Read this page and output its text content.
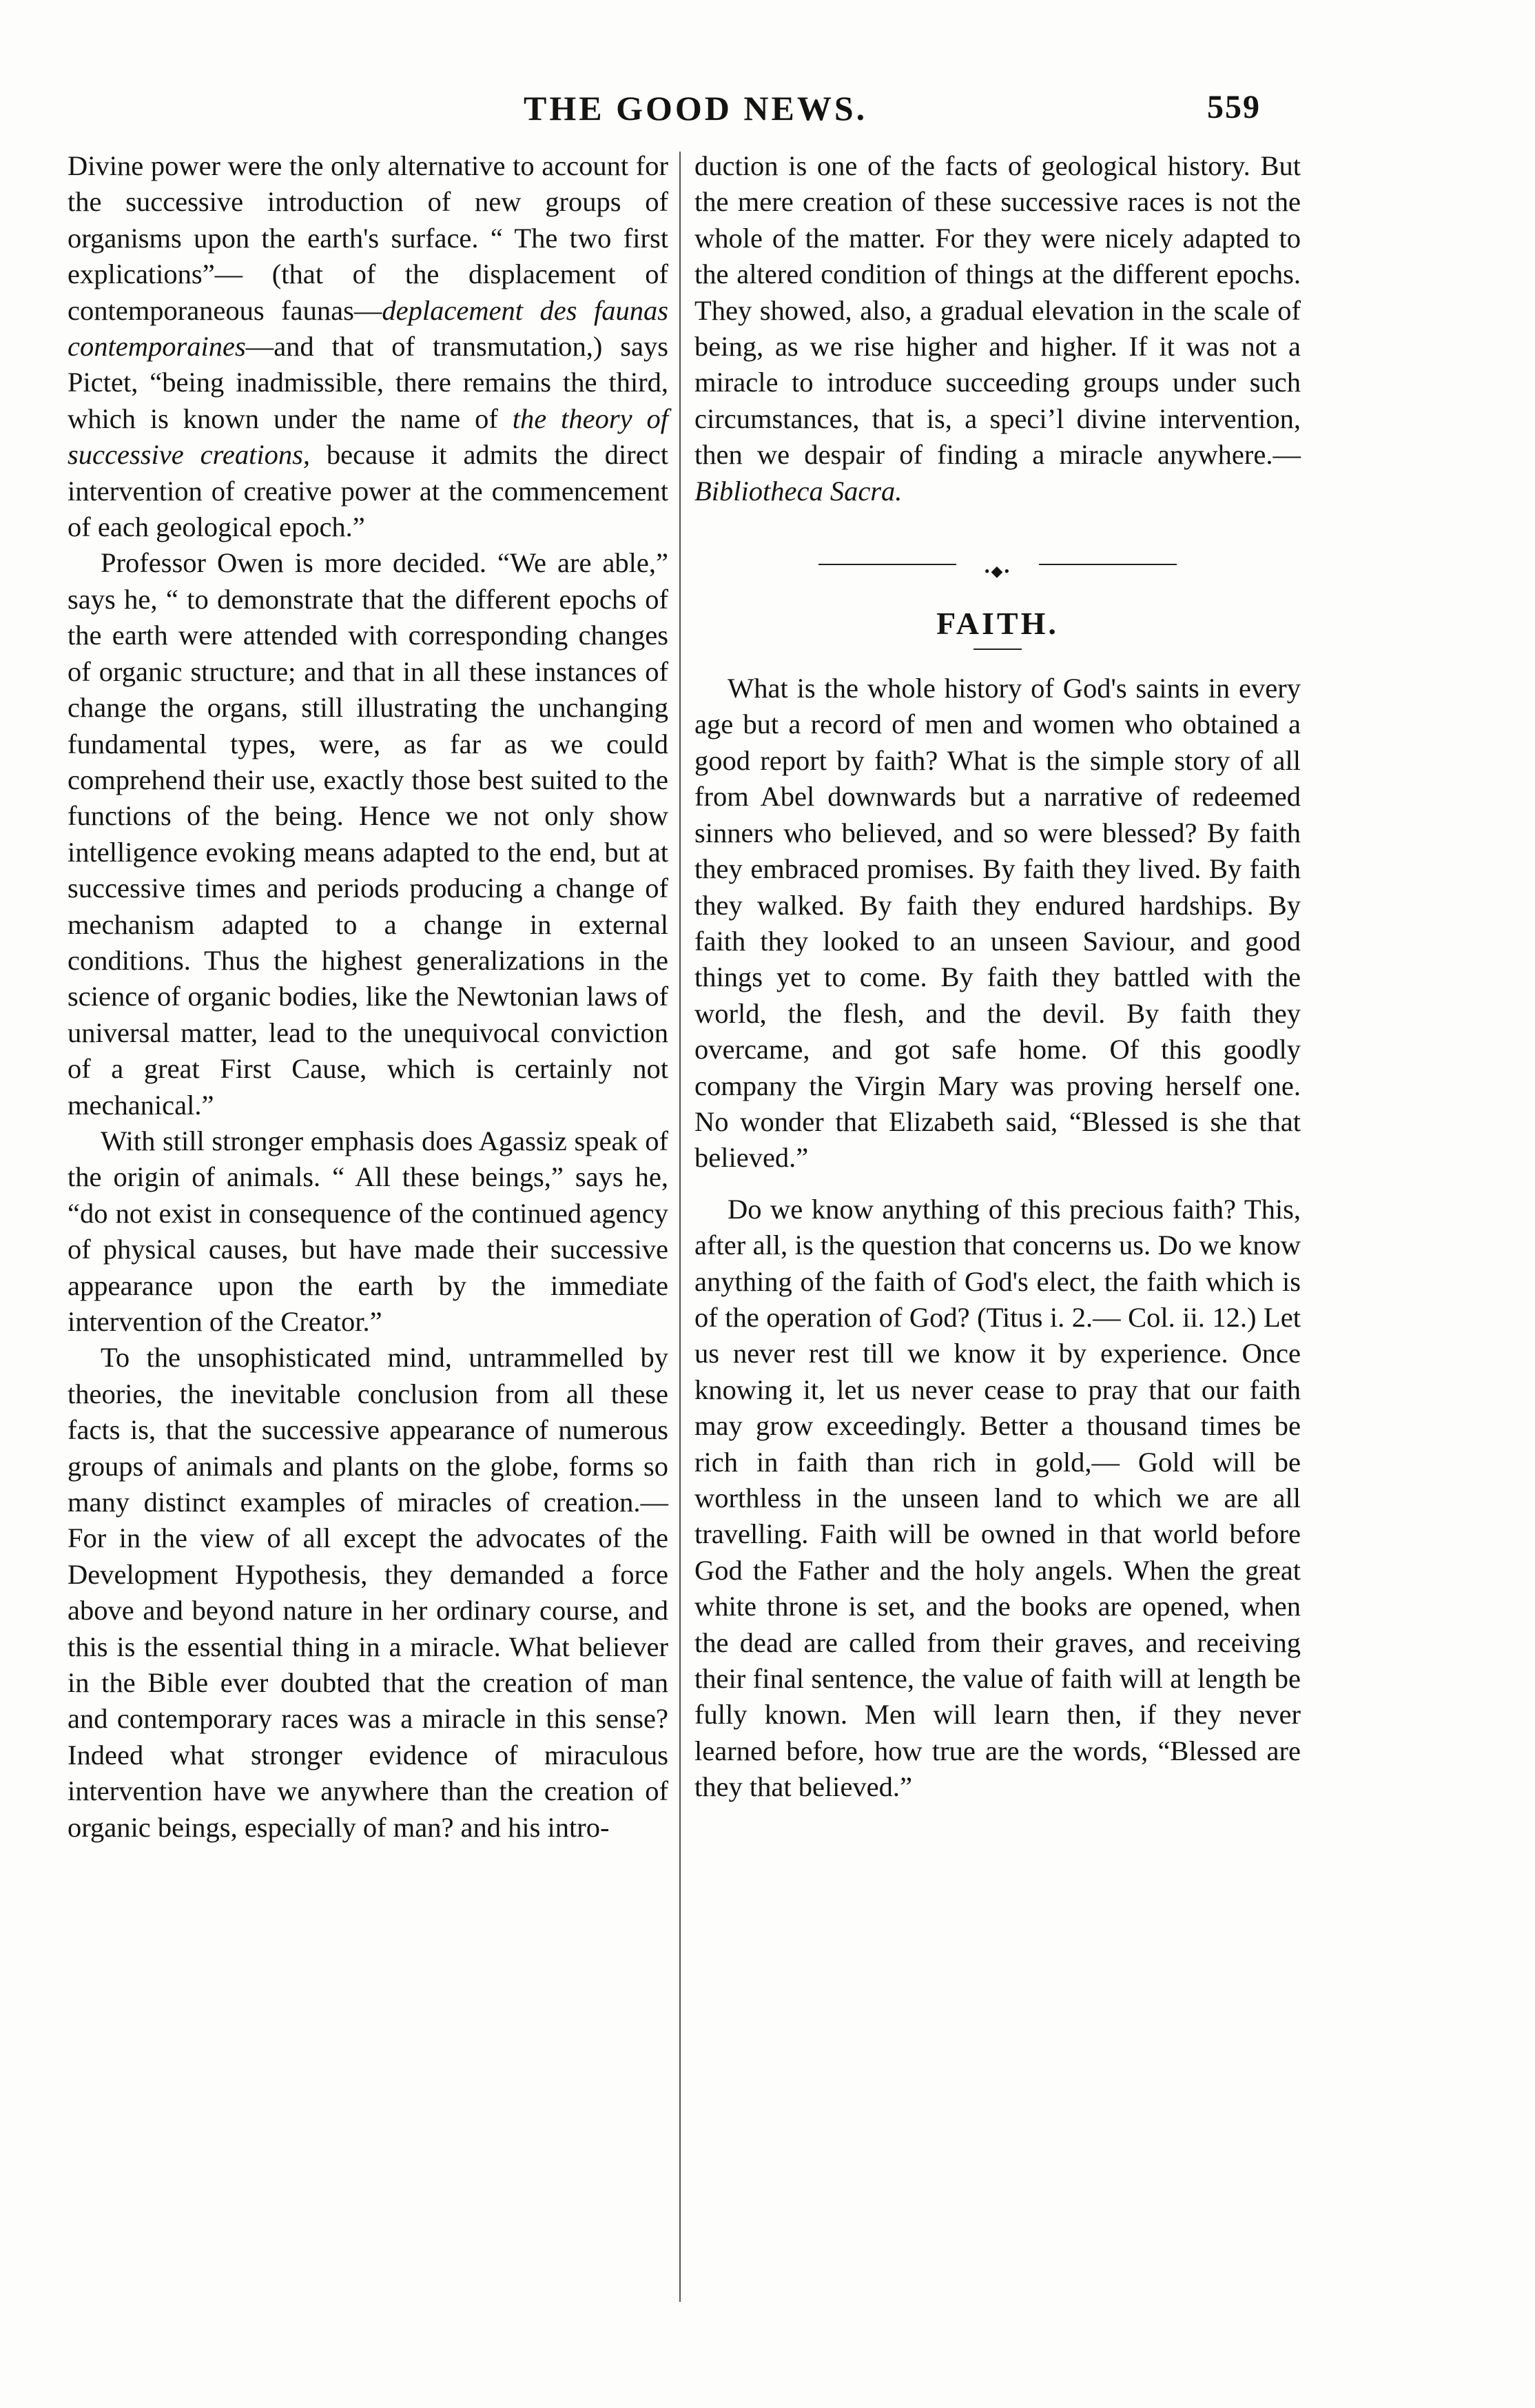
THE GOOD NEWS.	559

Divine power were the only alternative to account for the successive introduction of new groups of organisms upon the earth's surface. “ The two first explications”— (that of the displacement of contemporaneous faunas—deplacement des faunas contemporaines—and that of transmutation,) says Pictet, “being inadmissible, there remains the third, which is known under the name of the theory of successive creations, because it admits the direct intervention of creative power at the commencement of each geological epoch.”

Professor Owen is more decided. “We are able,” says he, “ to demonstrate that the different epochs of the earth were attended with corresponding changes of organic structure; and that in all these instances of change the organs, still illustrating the unchanging fundamental types, were, as far as we could comprehend their use, exactly those best suited to the functions of the being. Hence we not only show intelligence evoking means adapted to the end, but at successive times and periods producing a change of mechanism adapted to a change in external conditions. Thus the highest generalizations in the science of organic bodies, like the Newtonian laws of universal matter, lead to the unequivocal conviction of a great First Cause, which is certainly not mechanical.”

With still stronger emphasis does Agassiz speak of the origin of animals. “ All these beings,” says he, “do not exist in consequence of the continued agency of physical causes, but have made their successive appearance upon the earth by the immediate intervention of the Creator.”

To the unsophisticated mind, untrammelled by theories, the inevitable conclusion from all these facts is, that the successive appearance of numerous groups of animals and plants on the globe, forms so many distinct examples of miracles of creation.— For in the view of all except the advocates of the Development Hypothesis, they demanded a force above and beyond nature in her ordinary course, and this is the essential thing in a miracle. What believer in the Bible ever doubted that the creation of man and contemporary races was a miracle in this sense? Indeed what stronger evidence of miraculous intervention have we anywhere than the creation of organic beings, especially of man? and his intro-

duction is one of the facts of geological history. But the mere creation of these successive races is not the whole of the matter. For they were nicely adapted to the altered condition of things at the different epochs. They showed, also, a gradual elevation in the scale of being, as we rise higher and higher. If it was not a miracle to introduce succeeding groups under such circumstances, that is, a speci’l divine intervention, then we despair of finding a miracle anywhere.—Bibliotheca Sacra.

•◆•
FAITH.

What is the whole history of God's saints in every age but a record of men and women who obtained a good report by faith? What is the simple story of all from Abel downwards but a narrative of redeemed sinners who believed, and so were blessed? By faith they embraced promises. By faith they lived. By faith they walked. By faith they endured hardships. By faith they looked to an unseen Saviour, and good things yet to come. By faith they battled with the world, the flesh, and the devil. By faith they overcame, and got safe home. Of this goodly company the Virgin Mary was proving herself one. No wonder that Elizabeth said, “Blessed is she that believed.”

Do we know anything of this precious faith? This, after all, is the question that concerns us. Do we know anything of the faith of God's elect, the faith which is of the operation of God? (Titus i. 2.— Col. ii. 12.) Let us never rest till we know it by experience. Once knowing it, let us never cease to pray that our faith may grow exceedingly. Better a thousand times be rich in faith than rich in gold,— Gold will be worthless in the unseen land to which we are all travelling. Faith will be owned in that world before God the Father and the holy angels. When the great white throne is set, and the books are opened, when the dead are called from their graves, and receiving their final sentence, the value of faith will at length be fully known. Men will learn then, if they never learned before, how true are the words, “Blessed are they that believed.”
